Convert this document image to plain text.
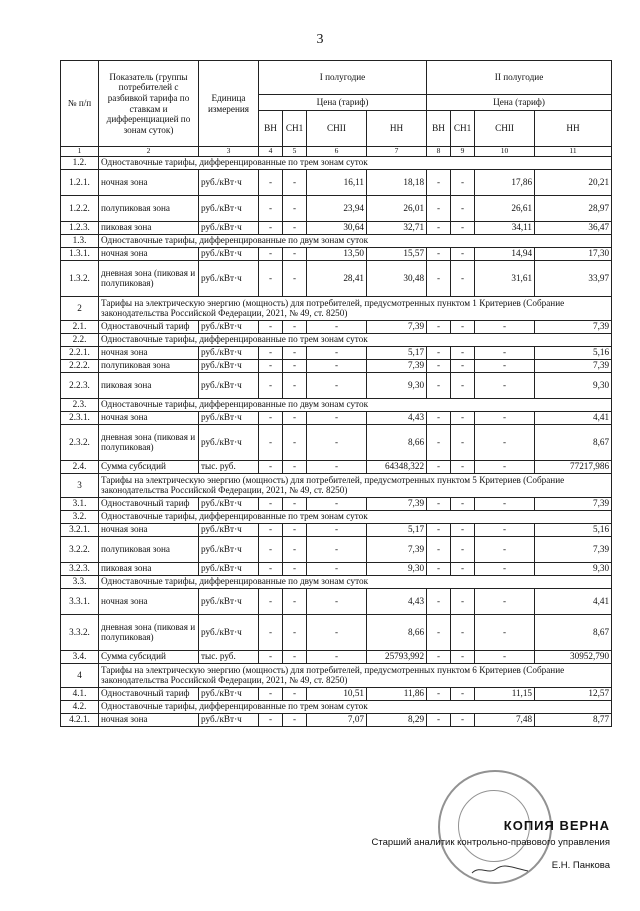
3
№ п/п	Показатель (группы потребителей с разбивкой тарифа по ставкам и дифференциацией по зонам суток)	Единица измерения	I полугодие				II полугодие			
			Цена (тариф)				Цена (тариф)			
			ВН	СН1	СНII	НН	ВН	СН1	СНII	НН
1	2	3	4	5	6	7	8	9	10	11
1.2.	Одноставочные тарифы, дифференцированные по трем зонам суток									
1.2.1.	ночная зона	руб./кВт·ч	-	-	16,11	18,18	-	-	17,86	20,21
1.2.2.	полупиковая зона	руб./кВт·ч	-	-	23,94	26,01	-	-	26,61	28,97
1.2.3.	пиковая зона	руб./кВт·ч	-	-	30,64	32,71	-	-	34,11	36,47
1.3.	Одноставочные тарифы, дифференцированные по двум зонам суток									
1.3.1.	ночная зона	руб./кВт·ч	-	-	13,50	15,57	-	-	14,94	17,30
1.3.2.	дневная зона (пиковая и полупиковая)	руб./кВт·ч	-	-	28,41	30,48	-	-	31,61	33,97
2	Тарифы на электрическую энергию (мощность) для потребителей, предусмотренных пунктом 1 Критериев (Собрание законодательства Российской Федерации, 2021, № 49, ст. 8250)									
2.1.	Одноставочный тариф	руб./кВт·ч	-	-	-	7,39	-	-	-	7,39
2.2.	Одноставочные тарифы, дифференцированные по трем зонам суток									
2.2.1.	ночная зона	руб./кВт·ч	-	-	-	5,17	-	-	-	5,16
2.2.2.	полупиковая зона	руб./кВт·ч	-	-	-	7,39	-	-	-	7,39
2.2.3.	пиковая зона	руб./кВт·ч	-	-	-	9,30	-	-	-	9,30
2.3.	Одноставочные тарифы, дифференцированные по двум зонам суток									
2.3.1.	ночная зона	руб./кВт·ч	-	-	-	4,43	-	-	-	4,41
2.3.2.	дневная зона (пиковая и полупиковая)	руб./кВт·ч	-	-	-	8,66	-	-	-	8,67
2.4.	Сумма субсидий	тыс. руб.	-	-	-	64348,322	-	-	-	77217,986
3	Тарифы на электрическую энергию (мощность) для потребителей, предусмотренных пунктом 5 Критериев (Собрание законодательства Российской Федерации, 2021, № 49, ст. 8250)									
3.1.	Одноставочный тариф	руб./кВт·ч	-	-	-	7,39	-	-	-	7,39
3.2.	Одноставочные тарифы, дифференцированные по трем зонам суток									
3.2.1.	ночная зона	руб./кВт·ч	-	-	-	5,17	-	-	-	5,16
3.2.2.	полупиковая зона	руб./кВт·ч	-	-	-	7,39	-	-	-	7,39
3.2.3.	пиковая зона	руб./кВт·ч	-	-	-	9,30	-	-	-	9,30
3.3.	Одноставочные тарифы, дифференцированные по двум зонам суток									
3.3.1.	ночная зона	руб./кВт·ч	-	-	-	4,43	-	-	-	4,41
3.3.2.	дневная зона (пиковая и полупиковая)	руб./кВт·ч	-	-	-	8,66	-	-	-	8,67
3.4.	Сумма субсидий	тыс. руб.	-	-	-	25793,992	-	-	-	30952,790
4	Тарифы на электрическую энергию (мощность) для потребителей, предусмотренных пунктом 6 Критериев (Собрание законодательства Российской Федерации, 2021, № 49, ст. 8250)									
4.1.	Одноставочный тариф	руб./кВт·ч	-	-	10,51	11,86	-	-	11,15	12,57
4.2.	Одноставочные тарифы, дифференцированные по трем зонам суток									
4.2.1.	ночная зона	руб./кВт·ч	-	-	7,07	8,29	-	-	7,48	8,77
КОПИЯ ВЕРНА
Старший аналитик контрольно-правового управления
Е.Н. Панкова
